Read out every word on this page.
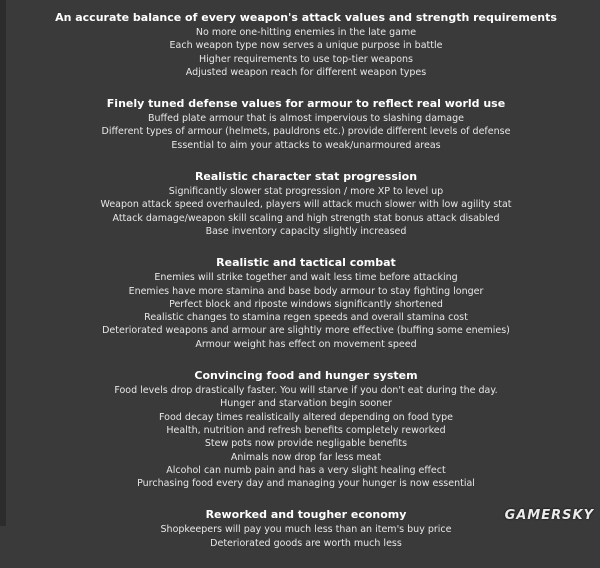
An accurate balance of every weapon's attack values and strength requirements
No more one-hitting enemies in the late game
Each weapon type now serves a unique purpose in battle
Higher requirements to use top-tier weapons
Adjusted weapon reach for different weapon types
Finely tuned defense values for armour to reflect real world use
Buffed plate armour that is almost impervious to slashing damage
Different types of armour (helmets, pauldrons etc.) provide different levels of defense
Essential to aim your attacks to weak/unarmoured areas
Realistic character stat progression
Significantly slower stat progression / more XP to level up
Weapon attack speed overhauled, players will attack much slower with low agility stat
Attack damage/weapon skill scaling and high strength stat bonus attack disabled
Base inventory capacity slightly increased
Realistic and tactical combat
Enemies will strike together and wait less time before attacking
Enemies have more stamina and base body armour to stay fighting longer
Perfect block and riposte windows significantly shortened
Realistic changes to stamina regen speeds and overall stamina cost
Deteriorated weapons and armour are slightly more effective (buffing some enemies)
Armour weight has effect on movement speed
Convincing food and hunger system
Food levels drop drastically faster. You will starve if you don't eat during the day.
Hunger and starvation begin sooner
Food decay times realistically altered depending on food type
Health, nutrition and refresh benefits completely reworked
Stew pots now provide negligable benefits
Animals now drop far less meat
Alcohol can numb pain and has a very slight healing effect
Purchasing food every day and managing your hunger is now essential
Reworked and tougher economy
Shopkeepers will pay you much less than an item's buy price
Deteriorated goods are worth much less
GAMERSKY
